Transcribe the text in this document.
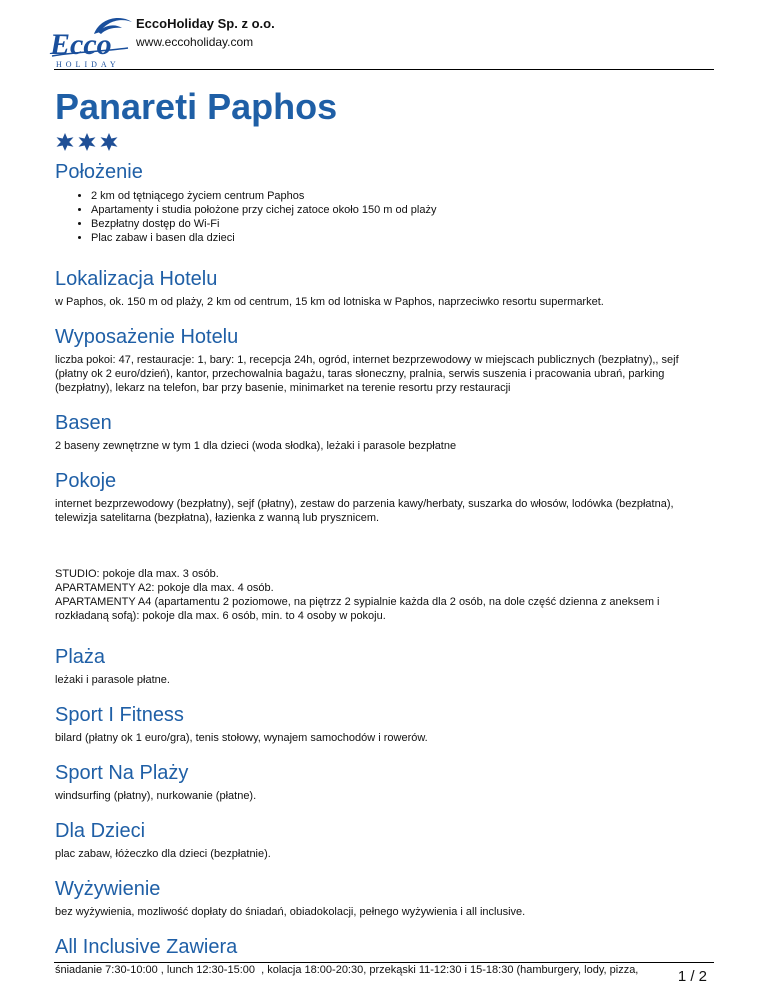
Ecco
HOLIDAY
EccoHoliday Sp. z o.o.
www.eccoholiday.com
Panareti Paphos
Położenie
• 2 km od tętniącego życiem centrum Paphos
• Apartamenty i studia położone przy cichej zatoce około 150 m od plaży
• Bezpłatny dostęp do Wi-Fi
• Plac zabaw i basen dla dzieci
Lokalizacja Hotelu

w Paphos, ok. 150 m od plaży, 2 km od centrum, 15 km od lotniska w Paphos, naprzeciwko resortu supermarket.

Wyposażenie Hotelu

liczba pokoi: 47, restauracje: 1, bary: 1, recepcja 24h, ogród, internet bezprzewodowy w miejscach publicznych (bezpłatny),, sejf

(płatny ok 2 euro/dzień), kantor, przechowalnia bagażu, taras słoneczny, pralnia, serwis suszenia i pracowania ubrań, parking

(bezpłatny), lekarz na telefon, bar przy basenie, minimarket na terenie resortu przy restauracji

Basen

2 baseny zewnętrzne w tym 1 dla dzieci (woda słodka), leżaki i parasole bezpłatne

Pokoje

internet bezprzewodowy (bezpłatny), sejf (płatny), zestaw do parzenia kawy/herbaty, suszarka do włosów, lodówka (bezpłatna),

telewizja satelitarna (bezpłatna), łazienka z wanną lub prysznicem.

STUDIO: pokoje dla max. 3 osób.

APARTAMENTY A2: pokoje dla max. 4 osób.

APARTAMENTY A4 (apartamentu 2 poziomowe, na piętrzz 2 sypialnie każda dla 2 osób, na dole część dzienna z aneksem i

rozkładaną sofą): pokoje dla max. 6 osób, min. to 4 osoby w pokoju.

Plaża

leżaki i parasole płatne.

Sport I Fitness

bilard (płatny ok 1 euro/gra), tenis stołowy, wynajem samochodów i rowerów.

Sport Na Plaży

windsurfing (płatny), nurkowanie (płatne).

Dla Dzieci

plac zabaw, łóżeczko dla dzieci (bezpłatnie).

Wyżywienie

bez wyżywienia, mozliwość dopłaty do śniadań, obiadokolacji, pełnego wyżywienia i all inclusive.

All Inclusive Zawiera

śniadanie 7:30-10:00 , lunch 12:30-15:00  , kolacja 18:00-20:30, przekąski 11-12:30 i 15-18:30 (hamburgery, lody, pizza,	1 / 2
